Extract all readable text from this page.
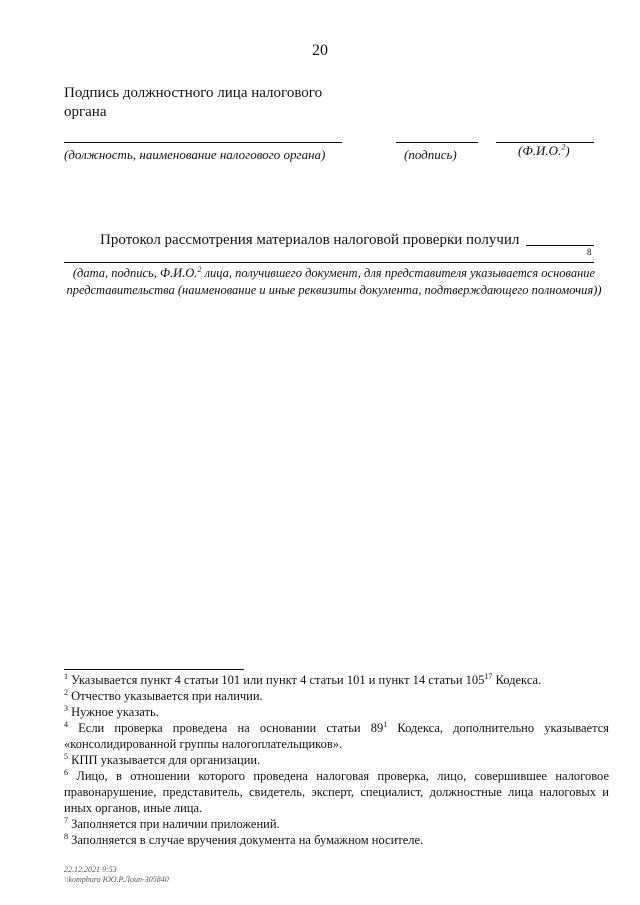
20
Подпись должностного лица налогового органа
(должность, наименование налогового органа)	(подпись)	(Ф.И.О.$^2$)
Протокол рассмотрения материалов налоговой проверки получил
8
(дата, подпись, Ф.И.О.$^2$ лица, получившего документ, для представителя указывается основание представительства (наименование и иные реквизиты документа, подтверждающего полномочия))

$^1$ Указывается пункт 4 статьи 101 или пункт 4 статьи 101 и пункт 14 статьи $105^{17}$ Кодекса.

$^2$ Отчество указывается при наличии.

$^3$ Нужное указать.

$^4$ Если проверка проведена на основании статьи $89^1$ Кодекса, дополнительно указывается «консолидированной группы налогоплательщиков».

$^5$ КПП указывается для организации.

$^6$ Лицо, в отношении которого проведена налоговая проверка, лицо, совершившее налоговое правонарушение, представитель, свидетель, эксперт, специалист, должностные лица налоговых и иных органов, иные лица.

$^7$ Заполняется при наличии приложений.

$^8$ Заполняется в случае вручения документа на бумажном носителе.

22.12.2021 9:53
\\kompburo ЮО.Р.Лоип-305840
